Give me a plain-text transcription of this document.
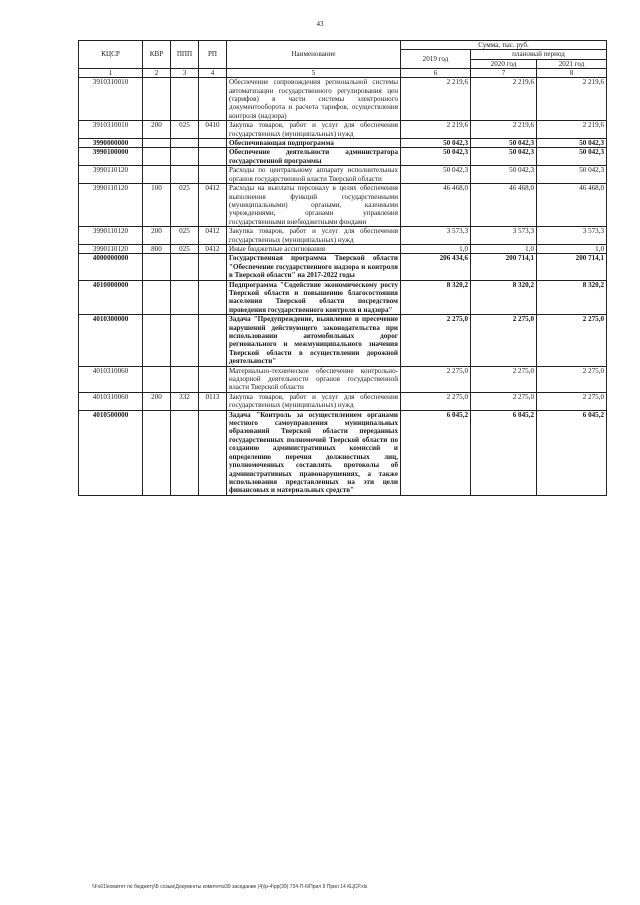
43
КЦСР	КВР	ППП	РП	Наименование	Сумма, тыс. руб.		
					2019 год	плановый период	
						2020 год	2021 год
1	2	3	4	5	6	7	8
3910310010				Обеспечение сопровождения региональной системы автоматизации государственного регулирования цен (тарифов) в части системы электронного документооборота и расчета тарифов, осуществления контроля (надзора)	2 219,6	2 219,6	2 219,6
3910310010	200	025	0410	Закупка товаров, работ и услуг для обеспечения государственных (муниципальных) нужд	2 219,6	2 219,6	2 219,6
3990000000				Обеспечивающая подпрограмма	50 042,3	50 042,3	50 042,3
3990100000				Обеспечение деятельности администратора государственной программы	50 042,3	50 042,3	50 042,3
3990110120				Расходы по центральному аппарату исполнительных органов государственной власти Тверской области	50 042,3	50 042,3	50 042,3
3990110120	100	025	0412	Расходы на выплаты персоналу в целях обеспечения выполнения функций государственными (муниципальными) органами, казенными учреждениями, органами управления государственными внебюджетными фондами	46 468,0	46 468,0	46 468,0
3990110120	200	025	0412	Закупка товаров, работ и услуг для обеспечения государственных (муниципальных) нужд	3 573,3	3 573,3	3 573,3
3990110120	800	025	0412	Иные бюджетные ассигнования	1,0	1,0	1,0
4000000000				Государственная программа Тверской области "Обеспечение государственного надзора и контроля в Тверской области" на 2017-2022 годы	206 434,6	200 714,1	200 714,1
4010000000				Подпрограмма "Содействие экономическому росту Тверской области и повышению благосостояния населения Тверской области посредством проведения государственного контроля и надзора"	8 320,2	8 320,2	8 320,2
4010300000				Задача "Предупреждение, выявление и пресечение нарушений действующего законодательства при использовании автомобильных дорог регионального и межмуниципального значения Тверской области в осуществлении дорожной деятельности"	2 275,0	2 275,0	2 275,0
4010310060				Материально-техническое обеспечение контрольно-надзорной деятельности органов государственной власти Тверской области	2 275,0	2 275,0	2 275,0
4010310060	200	332	0113	Закупка товаров, работ и услуг для обеспечения государственных (муниципальных) нужд	2 275,0	2 275,0	2 275,0
4010500000				Задача "Контроль за осуществлением органами местного самоуправления муниципальных образований Тверской области переданных государственных полномочий Тверской области по созданию административных комиссий и определению перечня должностных лиц, уполномоченных составлять протоколы об административных правонарушениях, а также использования представленных на эти цели финансовых и материальных средств"	6 045,2	6 045,2	6 045,2
\\Fs01\комитет по бюджету\Б созыв\Документы комитета\39 заседание (4)\р-4\pp(39) 734-П-6\Прил 9 Прил 14 КЦСР.xls
